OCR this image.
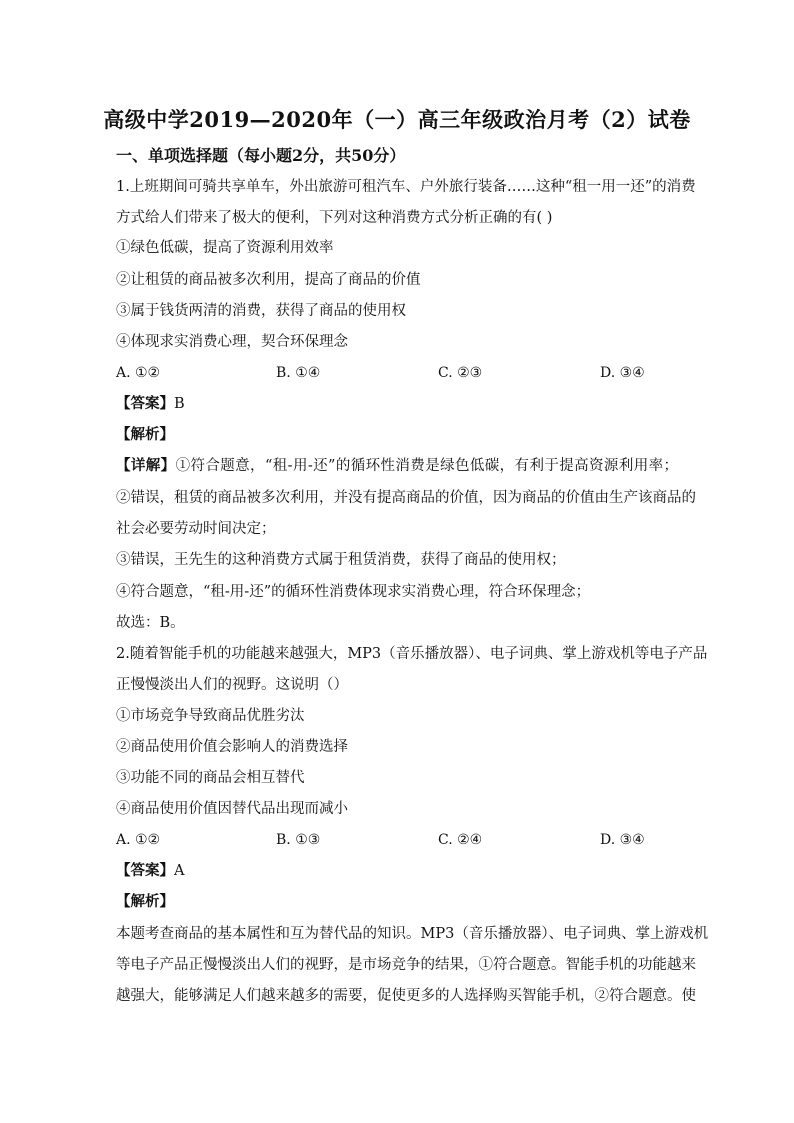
高级中学2019—2020年（一）高三年级政治月考（2）试卷
一、单项选择题（每小题2分，共50分）
1.上班期间可骑共享单车，外出旅游可租汽车、户外旅行装备……这种“租一用一还”的消费
方式给人们带来了极大的便利，下列对这种消费方式分析正确的有( )
①绿色低碳，提高了资源利用效率
②让租赁的商品被多次利用，提高了商品的价值
③属于钱货两清的消费，获得了商品的使用权
④体现求实消费心理，契合环保理念
A. ①②	B. ①④	C. ②③	D. ③④
【答案】B
【解析】
【详解】①符合题意，“租-用-还”的循环性消费是绿色低碳，有利于提高资源利用率；
②错误，租赁的商品被多次利用，并没有提高商品的价值，因为商品的价值由生产该商品的
社会必要劳动时间决定；
③错误，王先生的这种消费方式属于租赁消费，获得了商品的使用权；
④符合题意，“租-用-还”的循环性消费体现求实消费心理，符合环保理念；
故选：B。
2.随着智能手机的功能越来越强大，MP3（音乐播放器）、电子词典、掌上游戏机等电子产品
正慢慢淡出人们的视野。这说明（）
①市场竞争导致商品优胜劣汰
②商品使用价值会影响人的消费选择
③功能不同的商品会相互替代
④商品使用价值因替代品出现而减小
A. ①②	B. ①③	C. ②④	D. ③④
【答案】A
【解析】
本题考查商品的基本属性和互为替代品的知识。MP3（音乐播放器）、电子词典、掌上游戏机
等电子产品正慢慢淡出人们的视野，是市场竞争的结果，①符合题意。智能手机的功能越来
越强大，能够满足人们越来越多的需要，促使更多的人选择购买智能手机，②符合题意。使
